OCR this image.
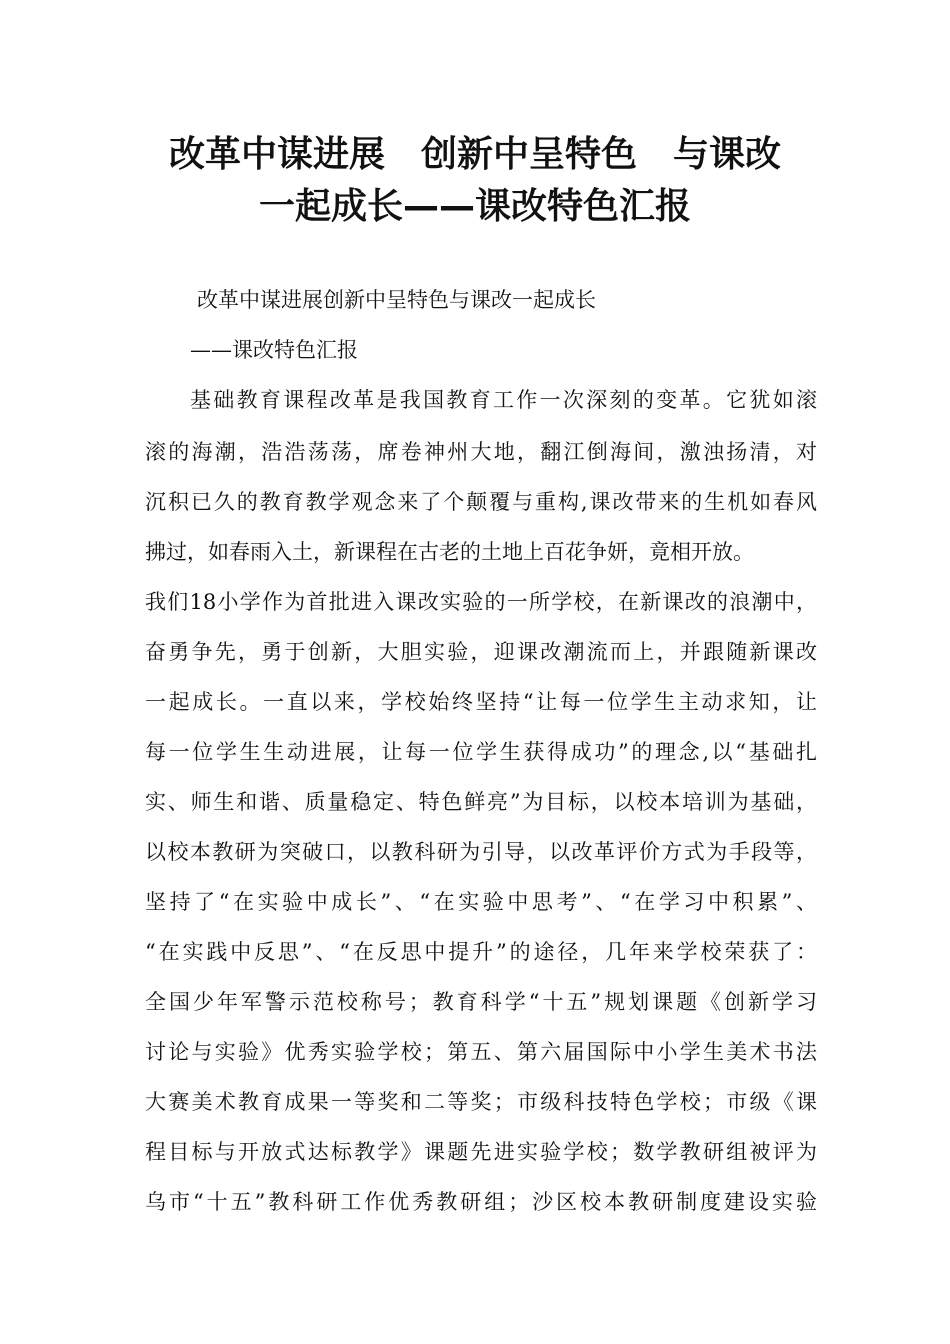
改革中谋进展　创新中呈特色　与课改
一起成长——课改特色汇报
改革中谋进展创新中呈特色与课改一起成长
——课改特色汇报
基础教育课程改革是我国教育工作一次深刻的变革。它犹如滚
滚的海潮，浩浩荡荡，席卷神州大地，翻江倒海间，激浊扬清，对
沉积已久的教育教学观念来了个颠覆与重构,课改带来的生机如春风
拂过，如春雨入土，新课程在古老的土地上百花争妍，竟相开放。
我们18小学作为首批进入课改实验的一所学校，在新课改的浪潮中，
奋勇争先，勇于创新，大胆实验，迎课改潮流而上，并跟随新课改
一起成长。一直以来，学校始终坚持“让每一位学生主动求知，让
每一位学生生动进展，让每一位学生获得成功”的理念,以“基础扎
实、师生和谐、质量稳定、特色鲜亮”为目标，以校本培训为基础，
以校本教研为突破口，以教科研为引导，以改革评价方式为手段等，
坚持了“在实验中成长”、“在实验中思考”、“在学习中积累”、
“在实践中反思”、“在反思中提升”的途径，几年来学校荣获了：
全国少年军警示范校称号；教育科学“十五”规划课题《创新学习
讨论与实验》优秀实验学校；第五、第六届国际中小学生美术书法
大赛美术教育成果一等奖和二等奖；市级科技特色学校；市级《课
程目标与开放式达标教学》课题先进实验学校；数学教研组被评为
乌市“十五”教科研工作优秀教研组；沙区校本教研制度建设实验
